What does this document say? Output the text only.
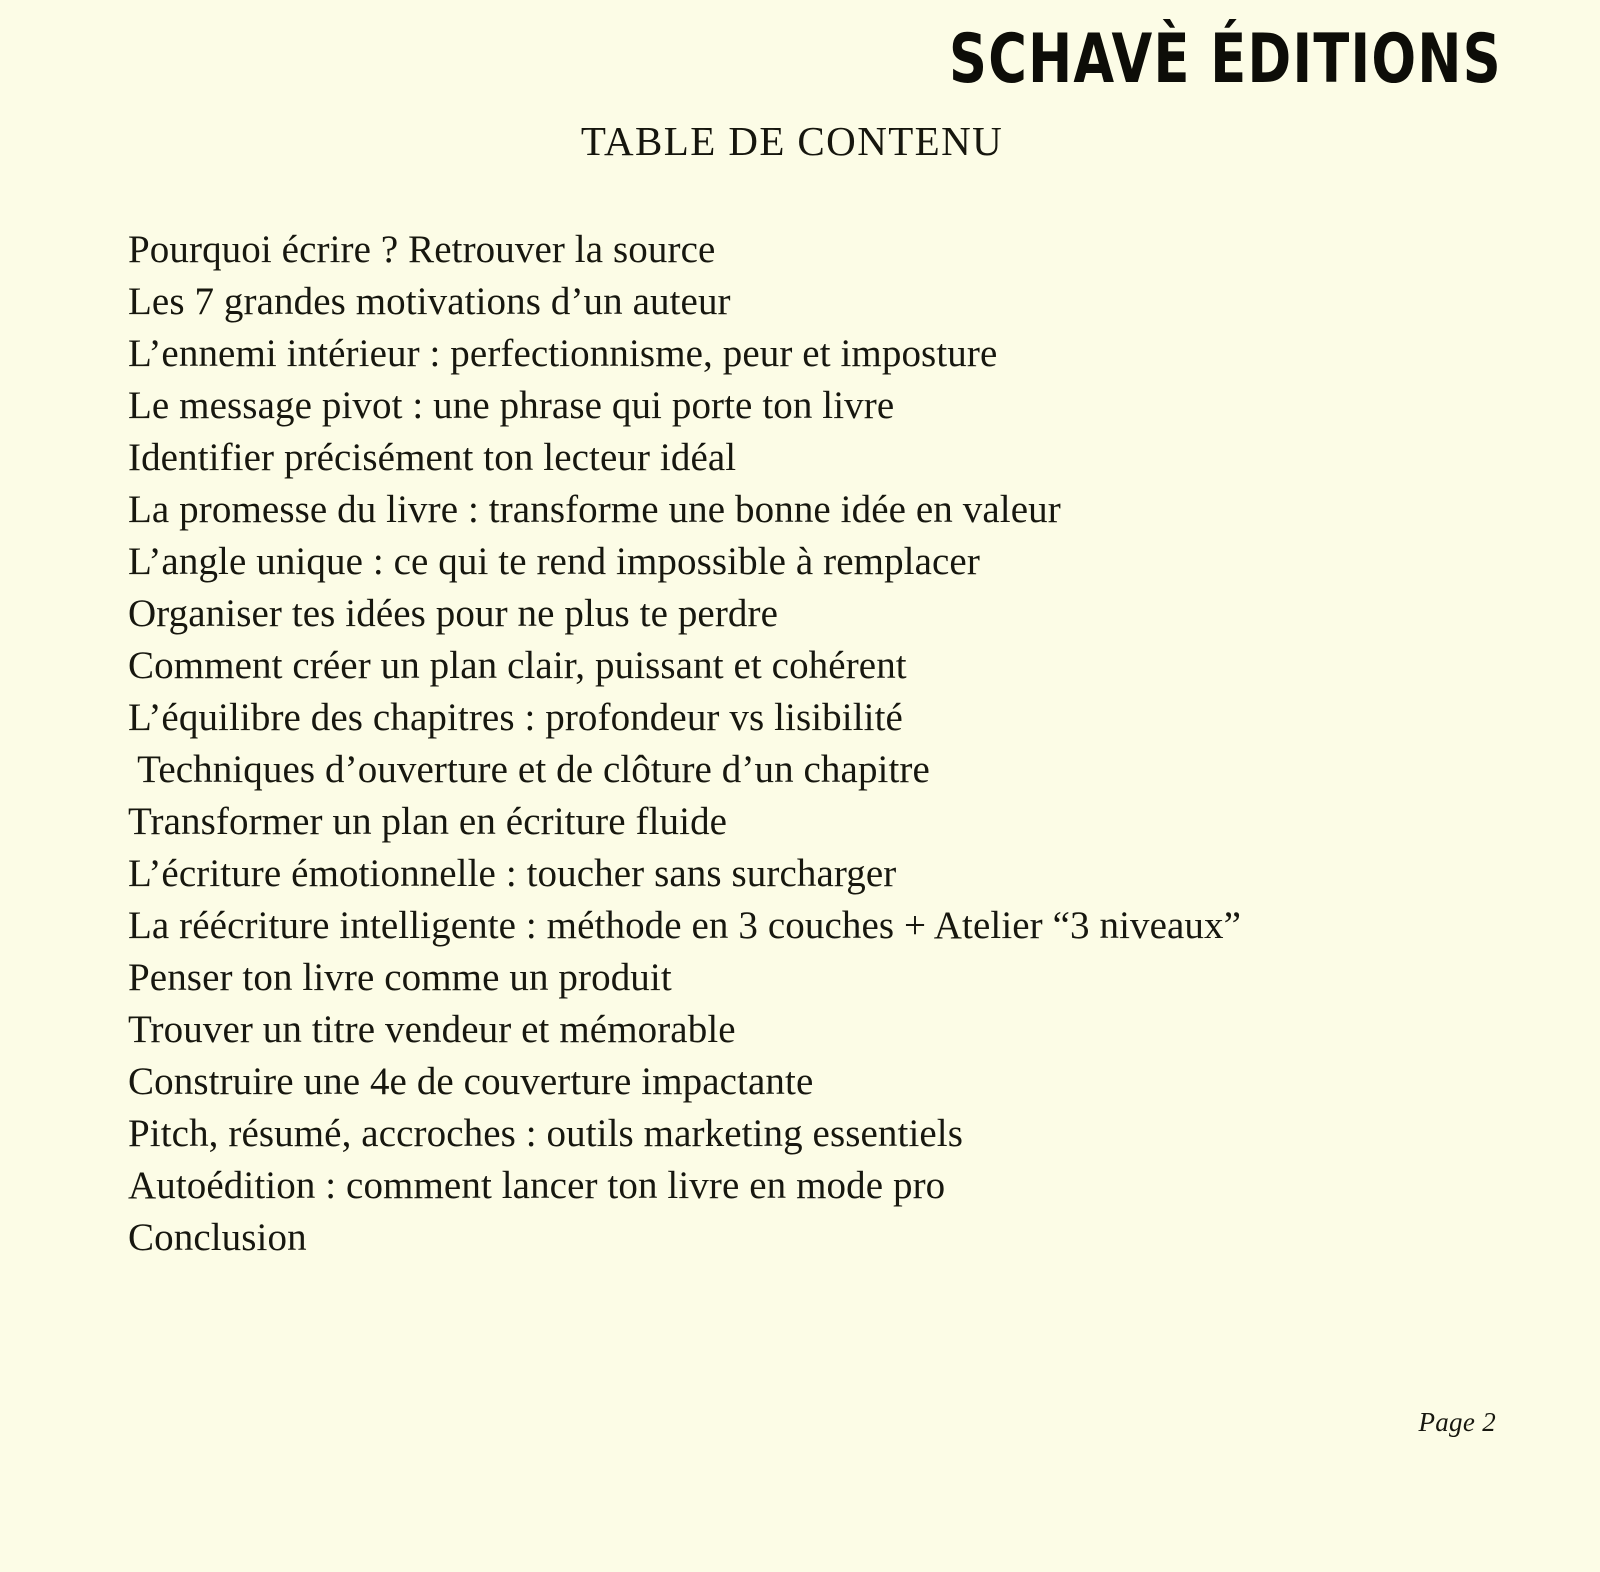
SCHAVÈ ÉDITIONS
TABLE DE CONTENU
Pourquoi écrire ? Retrouver la source
Les 7 grandes motivations d’un auteur
L’ennemi intérieur : perfectionnisme, peur et imposture
Le message pivot : une phrase qui porte ton livre
Identifier précisément ton lecteur idéal
La promesse du livre : transforme une bonne idée en valeur
L’angle unique : ce qui te rend impossible à remplacer
Organiser tes idées pour ne plus te perdre
Comment créer un plan clair, puissant et cohérent
L’équilibre des chapitres : profondeur vs lisibilité
Techniques d’ouverture et de clôture d’un chapitre
Transformer un plan en écriture fluide
L’écriture émotionnelle : toucher sans surcharger
La réécriture intelligente : méthode en 3 couches + Atelier “3 niveaux”
Penser ton livre comme un produit
Trouver un titre vendeur et mémorable
Construire une 4e de couverture impactante
Pitch, résumé, accroches : outils marketing essentiels
Autoédition : comment lancer ton livre en mode pro
Conclusion
Page 2
